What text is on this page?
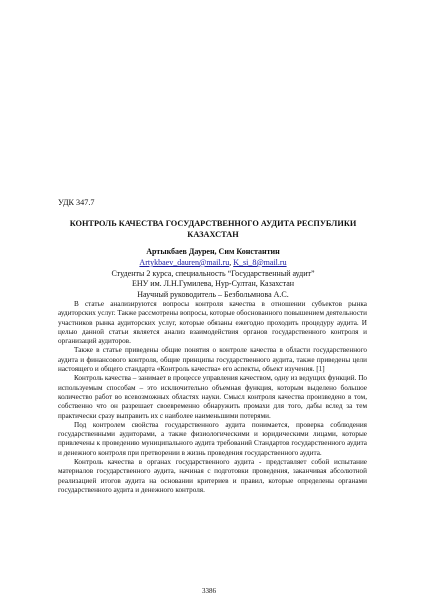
УДК 347.7
КОНТРОЛЬ КАЧЕСТВА ГОСУДАРСТВЕННОГО АУДИТА РЕСПУБЛИКИ КАЗАХСТАН
Артыкбаев Даурен, Сим Константин
Artykbaev_dauren@mail.ru, K_si_8@mail.ru
Студенты 2 курса, специальность “Государственный аудит”
ЕНУ им. Л.Н.Гумилева, Нур-Султан, Казахстан
Научный руководитель – Безбольмнова А.С.

В статье анализируются вопросы контроля качества в отношении субъектов рынка аудиторских услуг. Также рассмотрены вопросы, которые обоснованного повышением деятельности участников рынка аудиторских услуг, которые обязаны ежегодно проходить процедуру аудита. И целью данной статьи является анализ взаимодействия органов государственного контроля и организаций аудиторов.

Также в статье приведены общие понятия о контроле качества в области государственного аудита и финансового контроля, общие принципы государственного аудита, также приведены цели настоящего и общего стандарта «Контроль качества» его аспекты, объект изучения. [1]

Контроль качества – занимает в процессе управления качеством, одну из ведущих функций. По используемым способам – это исключительно объемная функция, которым выделено большое количество работ во всевозможных областях науки. Смысл контроля качества произведено в том, собственно что он разрешает своевременно обнаружить промахи для того, дабы вслед за тем практически сразу выправить их с наиболее наименьшими потерями.

Под контролем свойства государственного аудита понимается, проверка соблюдения государственными аудиторами, а также физиологическими и юридическими лицами, которые привлечены к проведению муниципального аудита требований Стандартов государственного аудита и денежного контроля при претворении в жизнь проведения государственного аудита.

Контроль качества в органах государственного аудита - представляет собой испытание материалов государственного аудита, начиная с подготовки проведения, заканчивая абсолютной реализацией итогов аудита на основании критериев и правил, которые определены органами государственного аудита и денежного контроля.

3386
